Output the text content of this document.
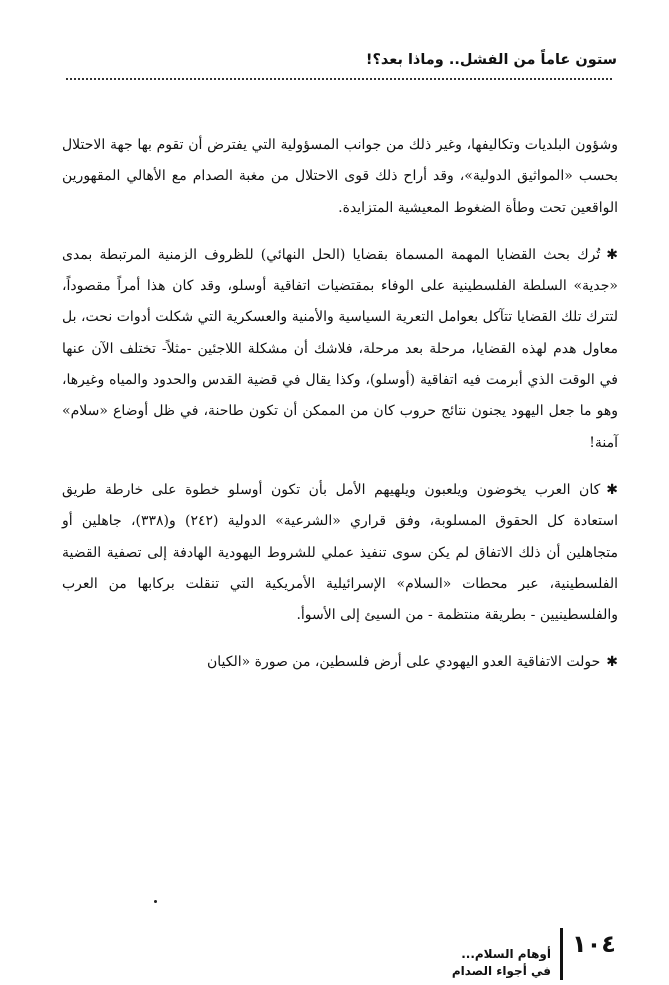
ستون عاماً من الفشل.. وماذا بعد؟!

وشؤون البلديات وتكاليفها، وغير ذلك من جوانب المسؤولية التي يفترض أن تقوم بها جهة الاحتلال بحسب «المواثيق الدولية»، وقد أراح ذلك قوى الاحتلال من مغبة الصدام مع الأهالي المقهورين الواقعين تحت وطأة الضغوط المعيشية المتزايدة.

✱تُرك بحث القضايا المهمة المسماة بقضايا (الحل النهائي) للظروف الزمنية المرتبطة بمدى «جدية» السلطة الفلسطينية على الوفاء بمقتضيات اتفاقية أوسلو، وقد كان هذا أمراً مقصوداً، لتترك تلك القضايا تتآكل بعوامل التعرية السياسية والأمنية والعسكرية التي شكلت أدوات نحت، بل معاول هدم لهذه القضايا، مرحلة بعد مرحلة، فلاشك أن مشكلة اللاجئين -مثلاً- تختلف الآن عنها في الوقت الذي أبرمت فيه اتفاقية (أوسلو)، وكذا يقال في قضية القدس والحدود والمياه وغيرها، وهو ما جعل اليهود يجنون نتائج حروب كان من الممكن أن تكون طاحنة، في ظل أوضاع «سلام» آمنة!

✱كان العرب يخوضون ويلعبون ويلهيهم الأمل بأن تكون أوسلو خطوة على خارطة طريق استعادة كل الحقوق المسلوبة، وفق قراري «الشرعية» الدولية (٢٤٢) و(٣٣٨)، جاهلين أو متجاهلين أن ذلك الاتفاق لم يكن سوى تنفيذ عملي للشروط اليهودية الهادفة إلى تصفية القضية الفلسطينية، عبر محطات «السلام» الإسرائيلية الأمريكية التي تنقلت بركابها من العرب والفلسطينيين - بطريقة منتظمة - من السيئ إلى الأسوأ.

✱حولت الاتفاقية العدو اليهودي على أرض فلسطين، من صورة «الكيان

١٠٤
أوهام السلام...
في أجواء الصدام
